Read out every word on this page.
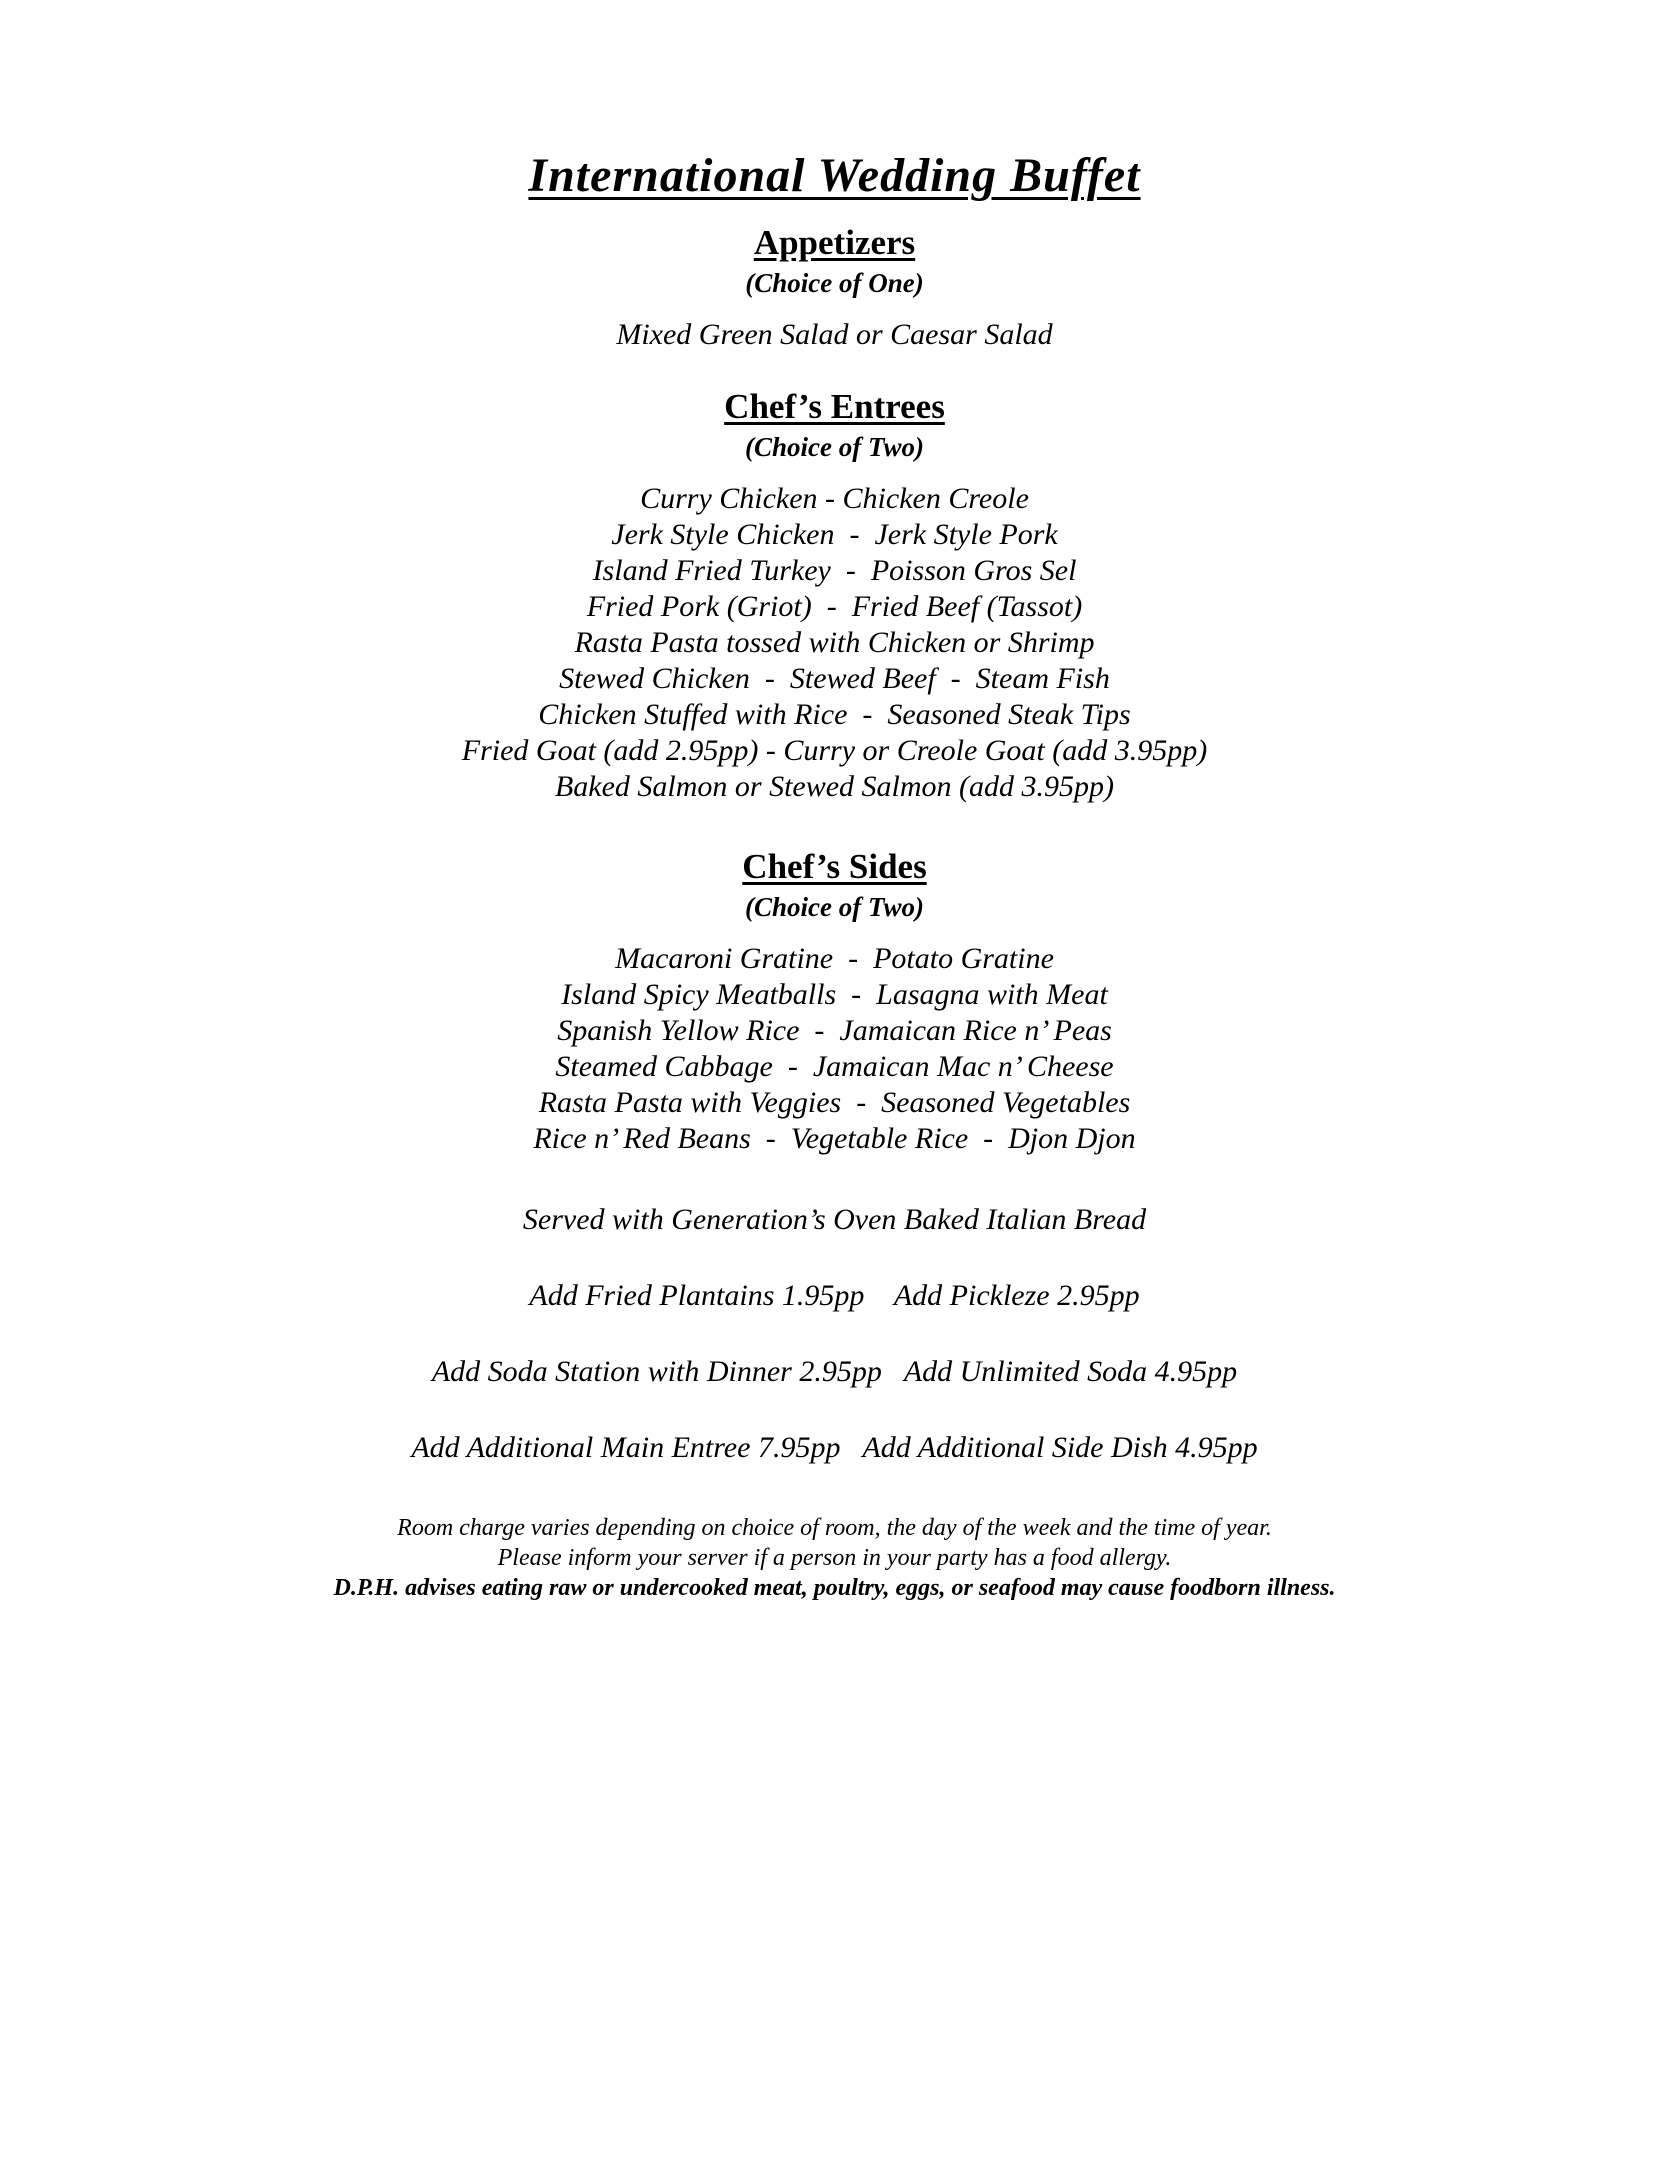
International Wedding Buffet
Appetizers
(Choice of One)
Mixed Green Salad or Caesar Salad
Chef’s Entrees
(Choice of Two)
Curry Chicken - Chicken Creole
Jerk Style Chicken  -  Jerk Style Pork
Island Fried Turkey  -  Poisson Gros Sel
Fried Pork (Griot)  -  Fried Beef (Tassot)
Rasta Pasta tossed with Chicken or Shrimp
Stewed Chicken  -  Stewed Beef  -  Steam Fish
Chicken Stuffed with Rice  -  Seasoned Steak Tips
Fried Goat (add 2.95pp) - Curry or Creole Goat (add 3.95pp)
Baked Salmon or Stewed Salmon (add 3.95pp)
Chef’s Sides
(Choice of Two)
Macaroni Gratine  -  Potato Gratine
Island Spicy Meatballs  -  Lasagna with Meat
Spanish Yellow Rice  -  Jamaican Rice n’ Peas
Steamed Cabbage  -  Jamaican Mac n’ Cheese
Rasta Pasta with Veggies  -  Seasoned Vegetables
Rice n’ Red Beans  -  Vegetable Rice  -  Djon Djon
Served with Generation’s Oven Baked Italian Bread
Add Fried Plantains 1.95pp    Add Pickleze 2.95pp
Add Soda Station with Dinner 2.95pp   Add Unlimited Soda 4.95pp
Add Additional Main Entree 7.95pp   Add Additional Side Dish 4.95pp
Room charge varies depending on choice of room, the day of the week and the time of year.
Please inform your server if a person in your party has a food allergy.
D.P.H. advises eating raw or undercooked meat, poultry, eggs, or seafood may cause foodborn illness.
